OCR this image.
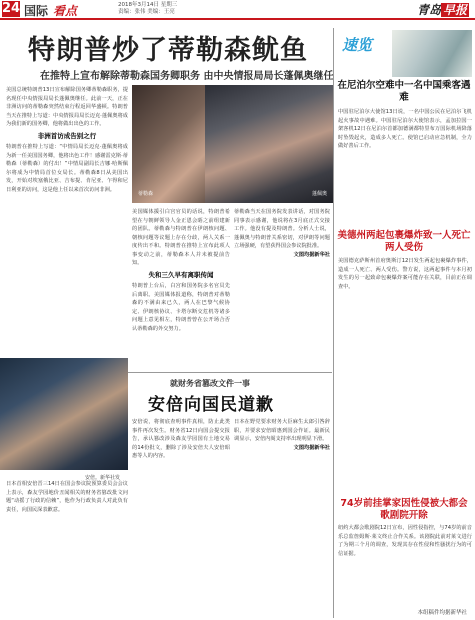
24 国际 看点	2018年3月14日 星期三
责编：张伟 美编：王亮	青岛 早报
特朗普炒了蒂勒森鱿鱼
在推特上宣布解除蒂勒森国务卿职务 由中央情报局局长蓬佩奥继任
美国总统特朗普13日宣布解除国务卿蒂勒森职务，提名现任中央情报局局长蓬佩奥继任。此前一天，正在非洲访问的蒂勒森突然结束行程返回华盛顿。特朗普当天在推特上写道：中央情报局局长迈克·蓬佩奥将成为我们新的国务卿，他将做出出色的工作。
非洲首访成告别之行
特朗普在推特上写道：“中情局局长迈克·蓬佩奥将成为新一任美国国务卿，他将出色工作！感谢雷克斯·蒂勒森（蒂勒森）的付出！”中情局副局长吉娜·哈斯佩尔将成为中情局首位女局长。蒂勒森8日从美国出发，开始对埃塞俄比亚、吉布提、肯尼亚、乍得和尼日利亚的访问，这是他上任以来首次访问非洲。
蒂勒森	蓬佩奥
美国媒体援引白宫官员的话说，特朗普希望在与朝鲜领导人金正恩会晤之前组建新的团队。蒂勒森与特朗普在伊朗核问题、朝核问题等议题上存在分歧，两人关系一度传出不和。特朗普在推特上宣布此项人事变动之前，蒂勒森本人并未被提前告知。
失和三久早有离职传闻
特朗普上台后，白宫和国务院多名官员先后离职。美国媒体报道称，特朗普对蒂勒森的不满由来已久，两人在巴黎气候协定、伊朗核协议、卡塔尔断交危机等诸多问题上意见相左，特朗普曾在公开场合否认蒂勒森的外交努力。
蒂勒森当天在国务院发表讲话，对国务院同事表示感谢，他说将在3月底正式交接工作。他没有提及特朗普。分析人士说，蓬佩奥与特朗普关系密切，对伊朗等问题立场强硬，有望获得国会参议院批准。
文图均据新华社
速览
在尼泊尔空难中一名中国乘客遇难
中国驻尼泊尔大使馆13日说，一名中国公民在尼泊尔飞机起火事故中遇难。中国驻尼泊尔大使馆表示，孟加拉国一架客机12日在尼泊尔首都加德满都特里布万国际机场降落时坠毁起火，造成多人死亡。使馆已启动应急机制，全力做好善后工作。
美德州两起包裹爆炸致一人死亡两人受伤
美国德克萨斯州首府奥斯汀12日发生两起包裹爆炸事件，造成一人死亡、两人受伤。警方说，这两起事件与本月初发生的另一起致命包裹爆炸案可能存在关联，目前正在调查中。
74岁前挂掌家因性侵被大都会歌剧院开除
纽约大都会歌剧院12日宣布，因性侵指控，与74岁的前音乐总监詹姆斯·莱文终止合作关系。该剧院此前对莱文进行了为期三个月的调查，发现其存在性侵和性骚扰行为的可信证据。
本组稿件均据新华社
安倍。新华社发
就财务省篡改文件一事
安倍向国民道歉
日本首相安倍晋三14日在国会参议院预算委员会会议上表示，森友学园地价丑闻相关的财务省篡改批文问题“动摇了行政的信赖”，他作为行政负责人对此负有责任，向国民深表歉意。
安倍说，将彻底查明事件真相，防止此类事件再次发生。财务省12日向国会提交报告，承认篡改涉及森友学园国有土地交易的14份批文，删除了涉及安倍夫人安倍昭惠等人的内容。
日本在野党要求财务大臣麻生太郎引咎辞职，并要求安倍昭惠到国会作证。最新民调显示，安倍内阁支持率出现明显下滑。
文图均据新华社
